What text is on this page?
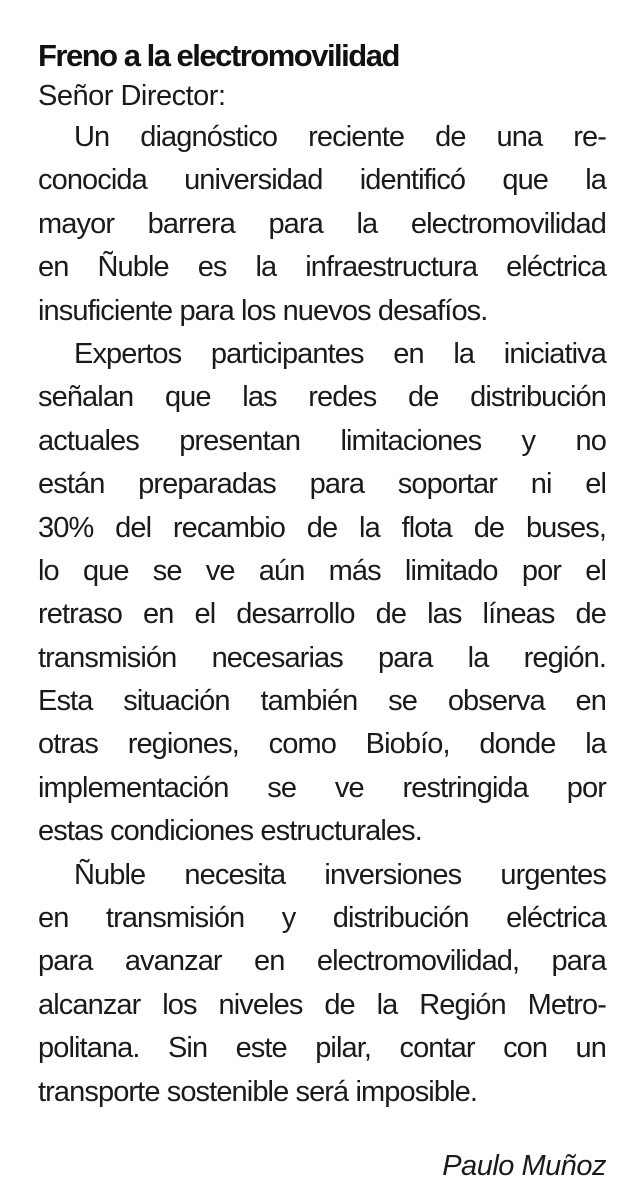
Freno a la electromovilidad

Señor Director:

Un diagnóstico reciente de una re-
conocida universidad identificó que la
mayor barrera para la electromovilidad
en Ñuble es la infraestructura eléctrica
insuficiente para los nuevos desafíos.
Expertos participantes en la iniciativa
señalan que las redes de distribución
actuales presentan limitaciones y no
están preparadas para soportar ni el
30% del recambio de la flota de buses,
lo que se ve aún más limitado por el
retraso en el desarrollo de las líneas de
transmisión necesarias para la región.
Esta situación también se observa en
otras regiones, como Biobío, donde la
implementación se ve restringida por
estas condiciones estructurales.
Ñuble necesita inversiones urgentes
en transmisión y distribución eléctrica
para avanzar en electromovilidad, para
alcanzar los niveles de la Región Metro-
politana. Sin este pilar, contar con un
transporte sostenible será imposible.
Paulo Muñoz
